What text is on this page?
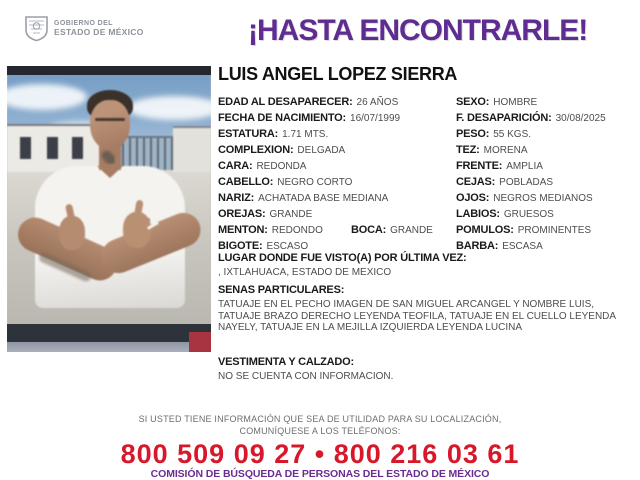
GOBIERNO DEL
ESTADO DE MÉXICO	¡HASTA ENCONTRARLE!
LUIS ANGEL LOPEZ SIERRA
EDAD AL DESAPARECER: 26 AÑOS	SEXO: HOMBRE
FECHA DE NACIMIENTO: 16/07/1999	F. DESAPARICIÓN: 30/08/2025
ESTATURA: 1.71 MTS.	PESO: 55 KGS.
COMPLEXION: DELGADA	TEZ: MORENA
CARA: REDONDA	FRENTE: AMPLIA
CABELLO: NEGRO CORTO	CEJAS: POBLADAS
NARIZ: ACHATADA BASE MEDIANA	OJOS: NEGROS MEDIANOS
OREJAS: GRANDE	LABIOS: GRUESOS
MENTON: REDONDO	BOCA: GRANDE POMULOS: PROMINENTES
BIGOTE: ESCASO	BARBA: ESCASA
LUGAR DONDE FUE VISTO(A) POR ÚLTIMA VEZ:
, IXTLAHUACA, ESTADO DE MEXICO
SENAS PARTICULARES:
TATUAJE EN EL PECHO IMAGEN DE SAN MIGUEL ARCANGEL Y NOMBRE LUIS, TATUAJE BRAZO DERECHO LEYENDA TEOFILA, TATUAJE EN EL CUELLO LEYENDA NAYELY, TATUAJE EN LA MEJILLA IZQUIERDA LEYENDA LUCINA
VESTIMENTA Y CALZADO:
NO SE CUENTA CON INFORMACION.
SI USTED TIENE INFORMACIÓN QUE SEA DE UTILIDAD PARA SU LOCALIZACIÓN,
COMUNÍQUESE A LOS TELÉFONOS:
800 509 09 27 • 800 216 03 61
COMISIÓN DE BÚSQUEDA DE PERSONAS DEL ESTADO DE MÉXICO
